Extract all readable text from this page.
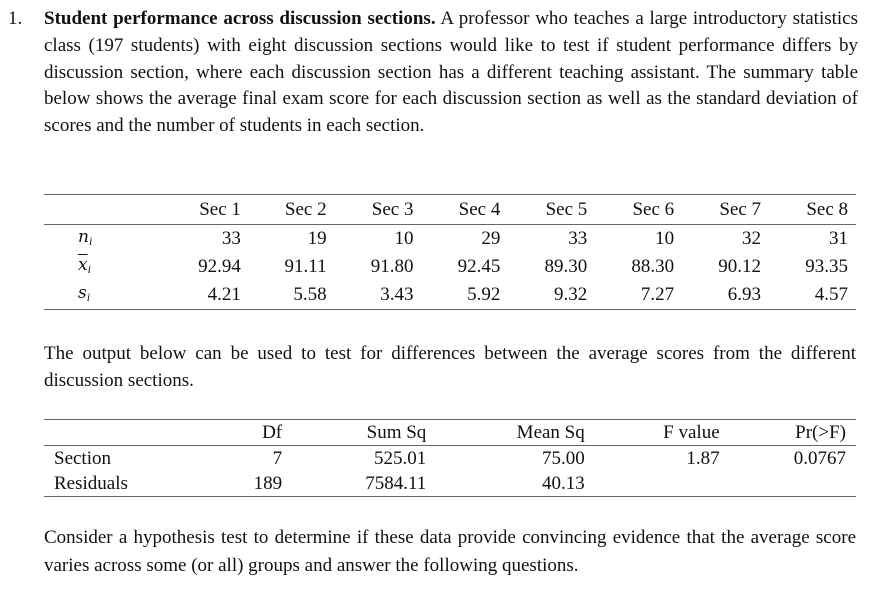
1. Student performance across discussion sections. A professor who teaches a large introductory statistics class (197 students) with eight discussion sections would like to test if student performance differs by discussion section, where each discussion section has a different teaching assistant. The summary table below shows the average final exam score for each discussion section as well as the standard deviation of scores and the number of students in each section.
	Sec 1	Sec 2	Sec 3	Sec 4	Sec 5	Sec 6	Sec 7	Sec 8
$n_i$	33	19	10	29	33	10	32	31
$\overline{x}_i$	92.94	91.11	91.80	92.45	89.30	88.30	90.12	93.35
$s_i$	4.21	5.58	3.43	5.92	9.32	7.27	6.93	4.57
The output below can be used to test for differences between the average scores from the different discussion sections.
	Df	Sum Sq	Mean Sq	F value	Pr(>F)
Section	7	525.01	75.00	1.87	0.0767
Residuals	189	7584.11	40.13		
Consider a hypothesis test to determine if these data provide convincing evidence that the average score varies across some (or all) groups and answer the following questions.
